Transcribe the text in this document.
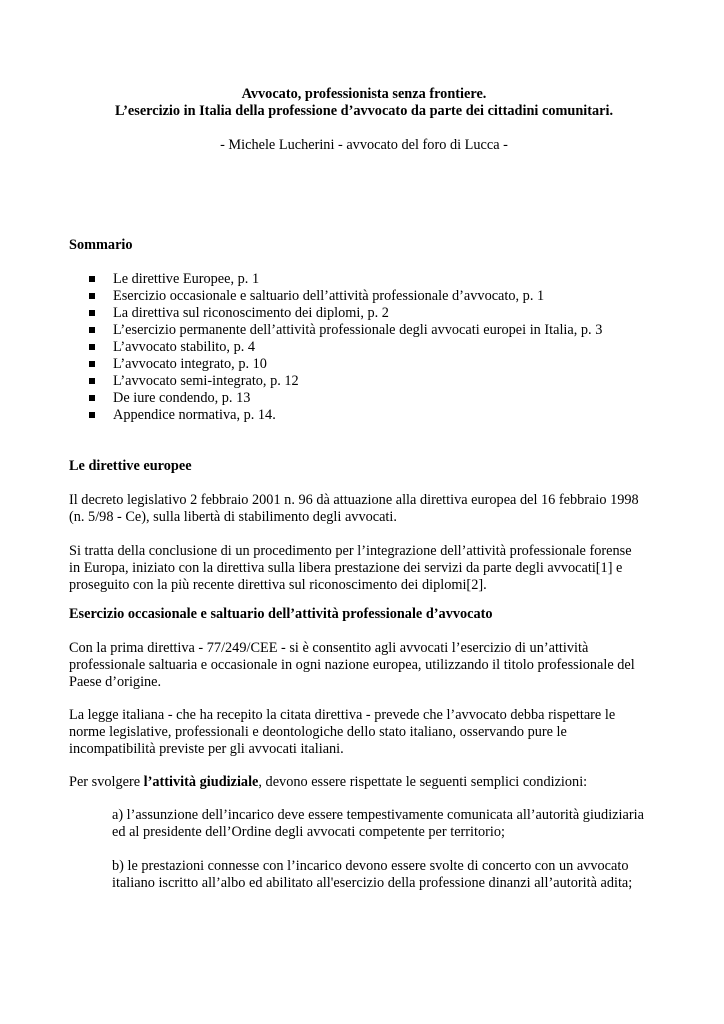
Avvocato, professionista senza frontiere.
L’esercizio in Italia della professione d’avvocato da parte dei cittadini comunitari.
- Michele Lucherini - avvocato del foro di Lucca -
Sommario
Le direttive Europee, p. 1
Esercizio occasionale e saltuario dell’attività professionale d’avvocato, p. 1
La direttiva sul riconoscimento dei diplomi, p. 2
L’esercizio permanente dell’attività professionale degli avvocati europei in Italia, p. 3
L’avvocato stabilito, p. 4
L’avvocato integrato, p. 10
L’avvocato semi-integrato, p. 12
De iure condendo, p. 13
Appendice normativa, p. 14.
Le direttive europee

Il decreto legislativo 2 febbraio 2001 n. 96 dà attuazione alla direttiva europea del 16 febbraio 1998
(n. 5/98 - Ce), sulla libertà di stabilimento degli avvocati.

Si tratta della conclusione di un procedimento per l’integrazione dell’attività professionale forense
in Europa, iniziato con la direttiva sulla libera prestazione dei servizi da parte degli avvocati[1] e
proseguito con la più recente direttiva sul riconoscimento dei diplomi[2].

Esercizio occasionale e saltuario dell’attività professionale d’avvocato

Con la prima direttiva - 77/249/CEE - si è consentito agli avvocati l’esercizio di un’attività
professionale saltuaria e occasionale in ogni nazione europea, utilizzando il titolo professionale del
Paese d’origine.

La legge italiana - che ha recepito la citata direttiva - prevede che l’avvocato debba rispettare le
norme legislative, professionali e deontologiche dello stato italiano, osservando pure le
incompatibilità previste per gli avvocati italiani.

Per svolgere l’attività giudiziale, devono essere rispettate le seguenti semplici condizioni:

a) l’assunzione dell’incarico deve essere tempestivamente comunicata all’autorità giudiziaria
ed al presidente dell’Ordine degli avvocati competente per territorio;

b) le prestazioni connesse con l’incarico devono essere svolte di concerto con un avvocato
italiano iscritto all’albo ed abilitato all'esercizio della professione dinanzi all’autorità adita;
